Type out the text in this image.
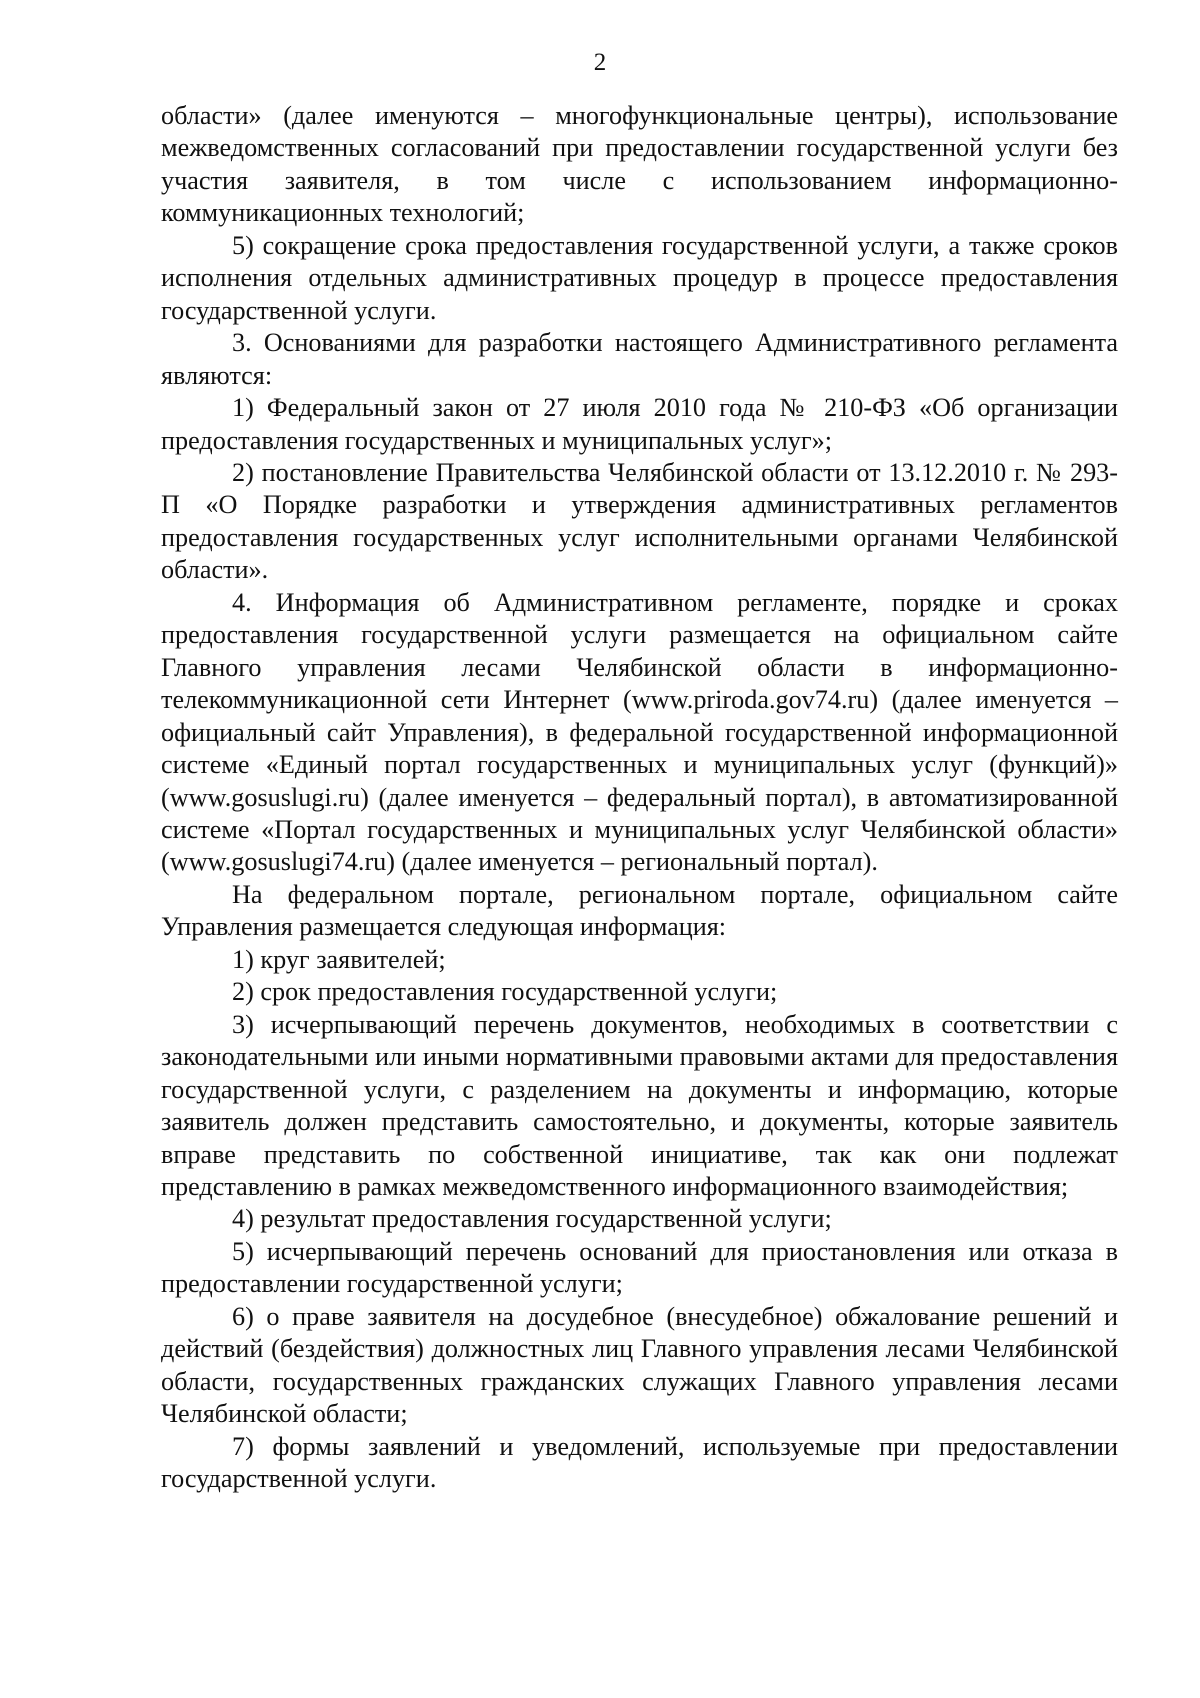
2

области» (далее именуются – многофункциональные центры), использование межведомственных согласований при предоставлении государственной услуги без участия заявителя, в том числе с использованием информационно-коммуникационных технологий;

5) сокращение срока предоставления государственной услуги, а также сроков исполнения отдельных административных процедур в процессе предоставления государственной услуги.

3. Основаниями для разработки настоящего Административного регламента являются:

1) Федеральный закон от 27 июля 2010 года № 210-ФЗ «Об организации предоставления государственных и муниципальных услуг»;

2) постановление Правительства Челябинской области от 13.12.2010 г. № 293-П «О Порядке разработки и утверждения административных регламентов предоставления государственных услуг исполнительными органами Челябинской области».

4. Информация об Административном регламенте, порядке и сроках предоставления государственной услуги размещается на официальном сайте Главного управления лесами Челябинской области в информационно-телекоммуникационной сети Интернет (www.priroda.gov74.ru) (далее именуется – официальный сайт Управления), в федеральной государственной информационной системе «Единый портал государственных и муниципальных услуг (функций)» (www.gosuslugi.ru) (далее именуется – федеральный портал), в автоматизированной системе «Портал государственных и муниципальных услуг Челябинской области» (www.gosuslugi74.ru) (далее именуется – региональный портал).

На федеральном портале, региональном портале, официальном сайте Управления размещается следующая информация:

1) круг заявителей;

2) срок предоставления государственной услуги;

3) исчерпывающий перечень документов, необходимых в соответствии с законодательными или иными нормативными правовыми актами для предоставления государственной услуги, с разделением на документы и информацию, которые заявитель должен представить самостоятельно, и документы, которые заявитель вправе представить по собственной инициативе, так как они подлежат представлению в рамках межведомственного информационного взаимодействия;

4) результат предоставления государственной услуги;

5) исчерпывающий перечень оснований для приостановления или отказа в предоставлении государственной услуги;

6) о праве заявителя на досудебное (внесудебное) обжалование решений и действий (бездействия) должностных лиц Главного управления лесами Челябинской области, государственных гражданских служащих Главного управления лесами Челябинской области;

7) формы заявлений и уведомлений, используемые при предоставлении государственной услуги.
